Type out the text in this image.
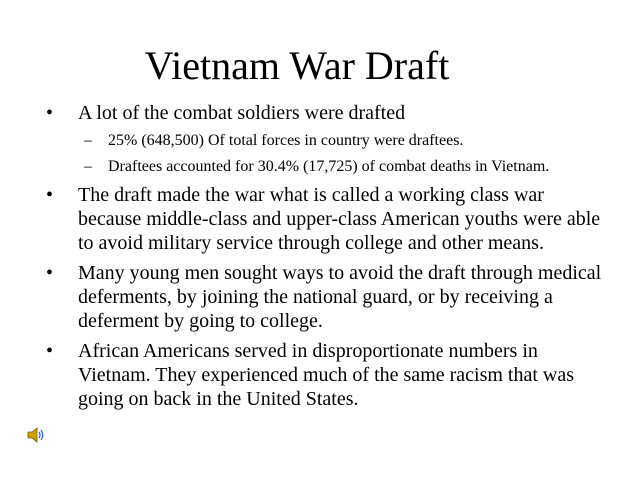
Vietnam War Draft
•	A lot of the combat soldiers were drafted
–	25% (648,500) Of total forces in country were draftees.
–	Draftees accounted for 30.4% (17,725) of combat deaths in Vietnam.
•	The draft made the war what is called a working class war because middle-class and upper-class American youths were able to avoid military service through college and other means.
•	Many young men sought ways to avoid the draft through medical deferments, by joining the national guard, or by receiving a deferment by going to college.
•	African Americans served in disproportionate numbers in Vietnam. They experienced much of the same racism that was going on back in the United States.
